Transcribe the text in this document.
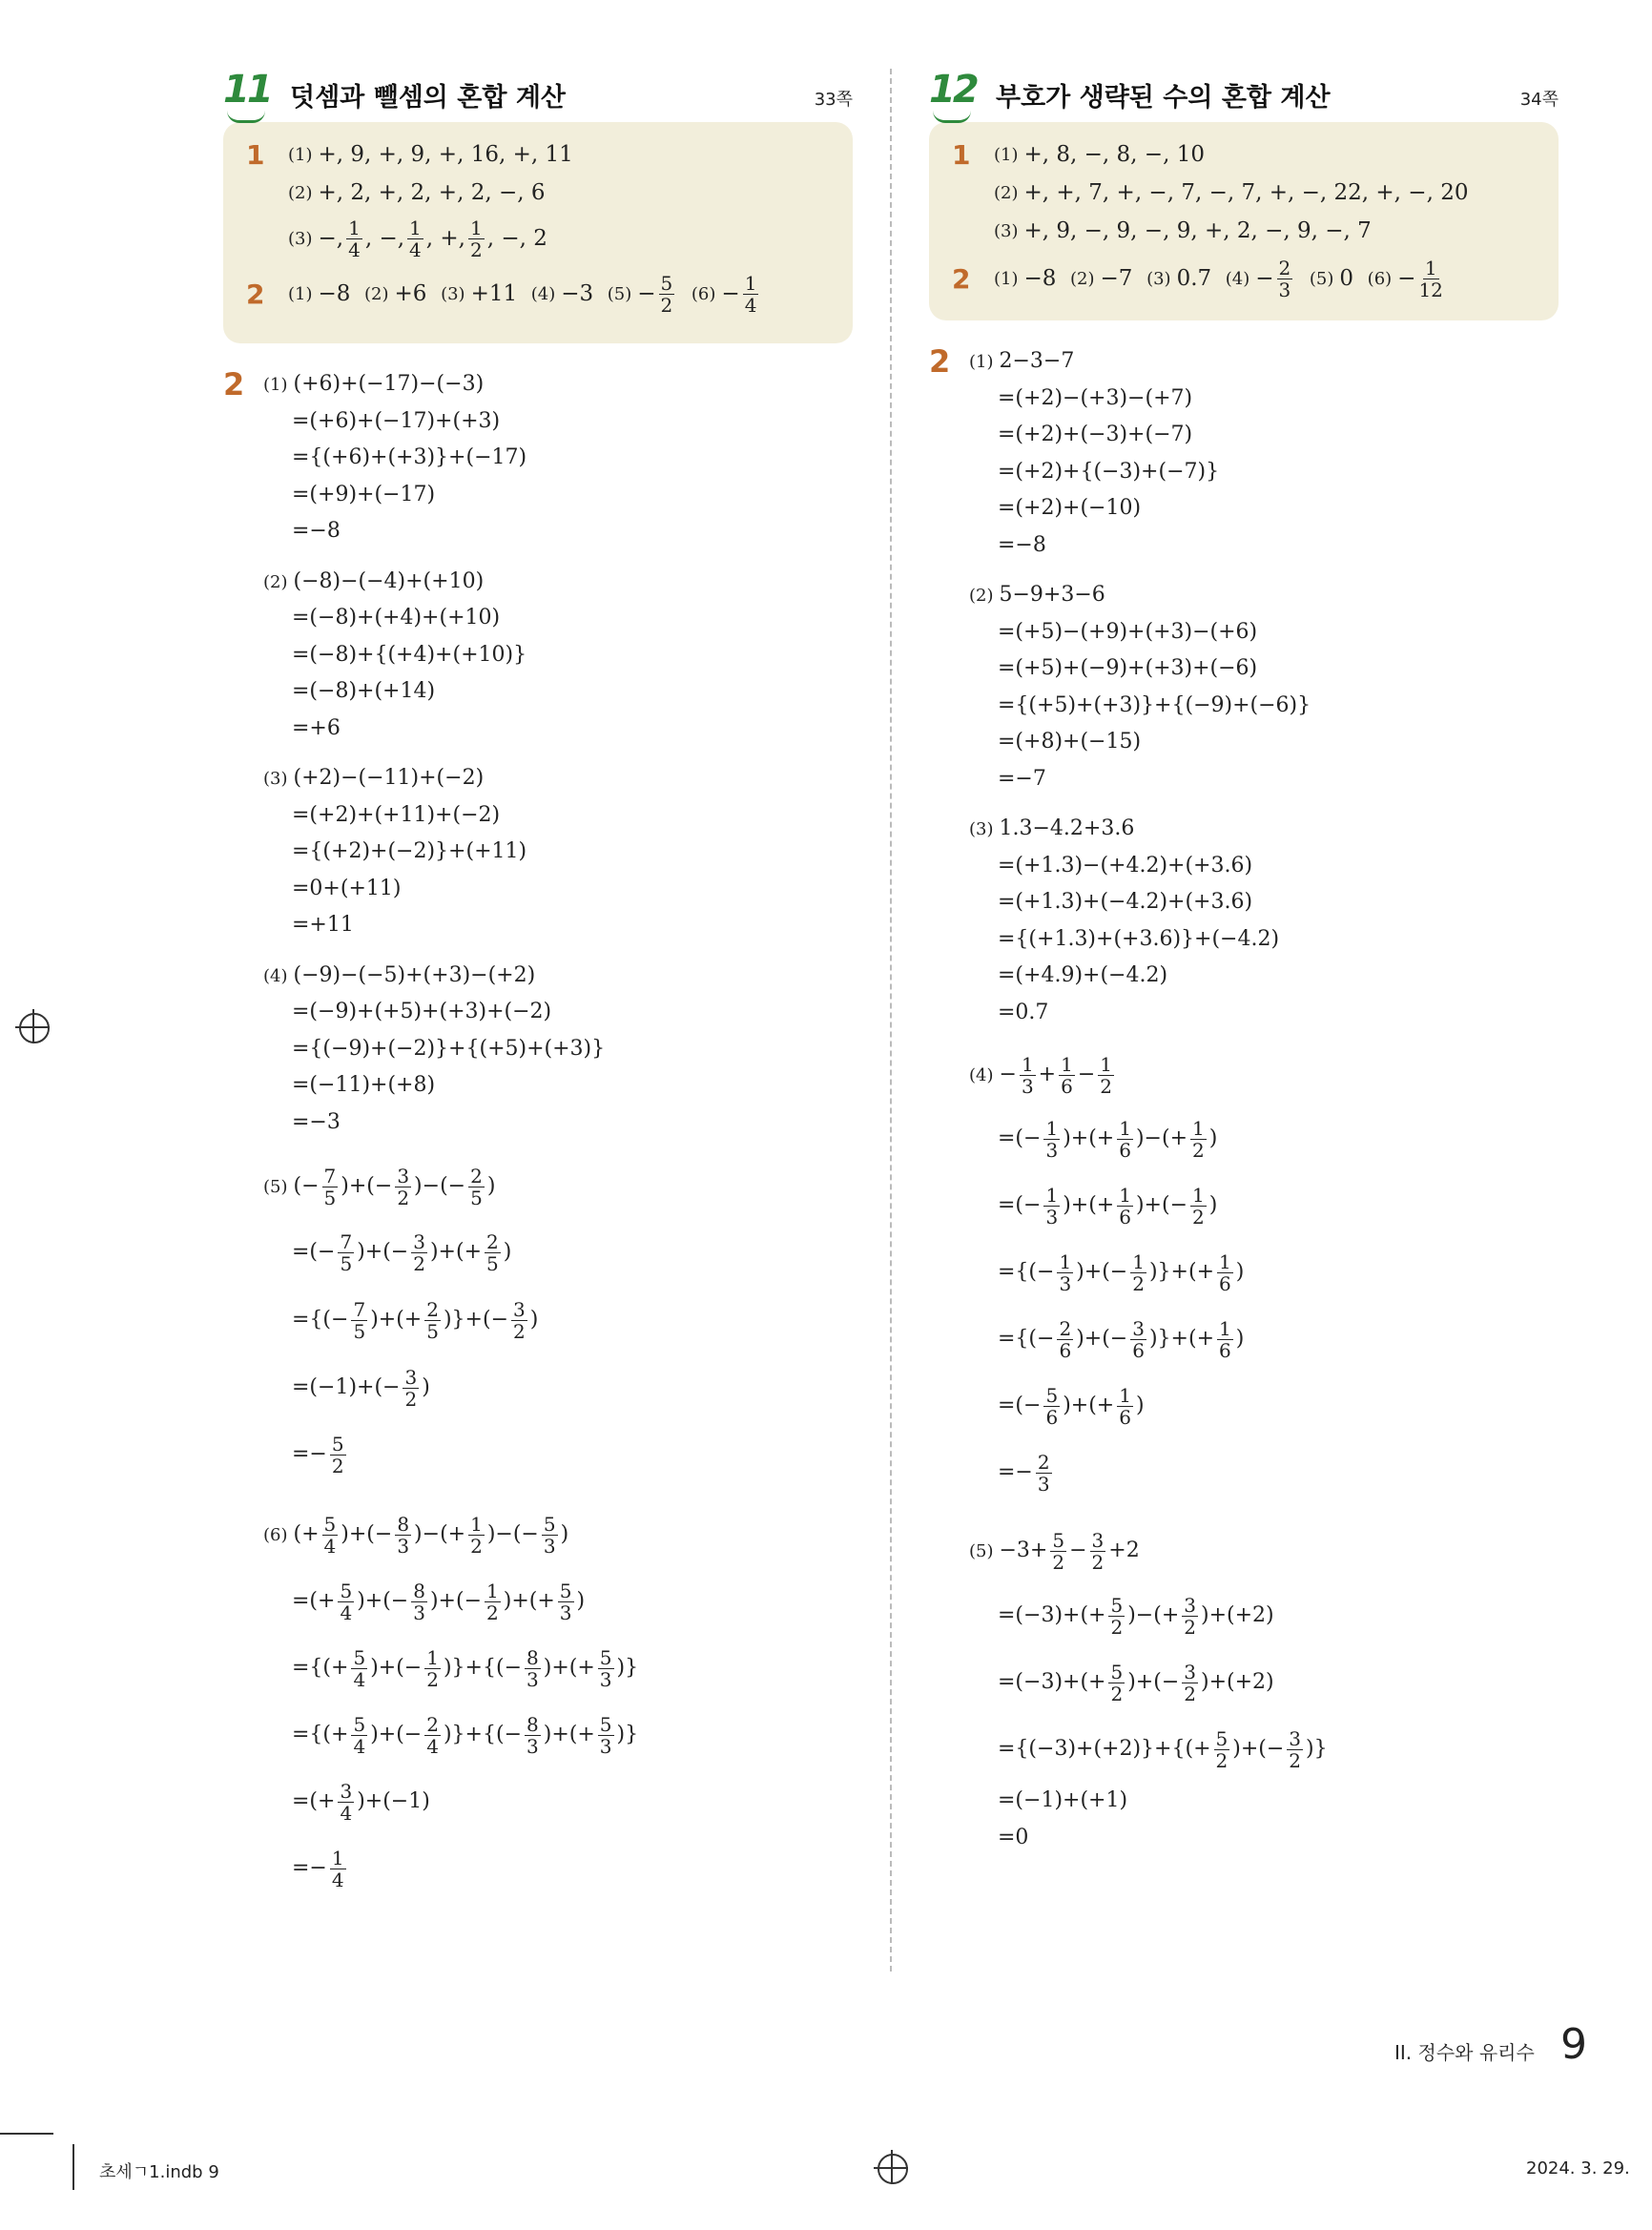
11 덧셈과 뺄셈의 혼합 계산	33쪽
1	(1) +, 9, +, 9, +, 16, +, 11
(2) +, 2, +, 2, +, 2, −, 6
(3) −, $\frac{1}{4}$ , −, $\frac{1}{4}$ , +, $\frac{1}{2}$ , −, 2
2	(1) −8
(2) +6
(3) +11
(4) −3
$(5) - \frac{5}{2}$
$(6) - \frac{1}{4}$
2 (1) (+6)+(−17)−(−3)
=(+6)+(−17)+(+3)
={(+6)+(+3)}+(−17)
=(+9)+(−17)
=−8
(2) (−8)−(−4)+(+10)
=(−8)+(+4)+(+10)
=(−8)+{(+4)+(+10)}
=(−8)+(+14)
=+6
(3) (+2)−(−11)+(−2)
=(+2)+(+11)+(−2)
={(+2)+(−2)}+(+11)
=0+(+11)
=+11
(4) (−9)−(−5)+(+3)−(+2)
=(−9)+(+5)+(+3)+(−2)
={(−9)+(−2)}+{(+5)+(+3)}
=(−11)+(+8)
=−3
(5) (− $\frac{7}{5}$ )+(− $\frac{3}{2}$ )−(− $\frac{2}{5}$ )
=(− $\frac{7}{5}$ )+(− $\frac{3}{2}$ )+(+ $\frac{2}{5}$ )
={(− $\frac{7}{5}$ )+(+ $\frac{2}{5}$ )}+(− $\frac{3}{2}$ )
$=(-1)+(- \frac{3}{2}$ )
=− $\frac{5}{2}$
(6) (+ $\frac{5}{4}$ )+(− $\frac{8}{3}$ )−(+ $\frac{1}{2}$ )−(− $\frac{5}{3}$ )
=(+ $\frac{5}{4}$ )+(− $\frac{8}{3}$ )+(− $\frac{1}{2}$ )+(+ $\frac{5}{3}$ )
={(+ $\frac{5}{4}$ )+(− $\frac{1}{2}$ )}+{(− $\frac{8}{3}$ )+(+ $\frac{5}{3}$ )}
={(+ $\frac{5}{4}$ )+(− $\frac{2}{4}$ )}+{(− $\frac{8}{3}$ )+(+ $\frac{5}{3}$ )}
=(+ $\frac{3}{4} )+(-1)$
=− $\frac{1}{4}$
12 부호가 생략된 수의 혼합 계산	34쪽
1	(1) +, 8, −, 8, −, 10
(2) +, +, 7, +, −, 7, −, 7, +, −, 22, +, −, 20
(3) +, 9, −, 9, −, 9, +, 2, −, 9, −, 7
2	(1) −8
(2) −7
(3) 0.7
$(4) - \frac{2}{3}$
(5) 0
$(6) - \frac{1}{12}$
2 (1) 2−3−7
=(+2)−(+3)−(+7)
=(+2)+(−3)+(−7)
=(+2)+{(−3)+(−7)}
=(+2)+(−10)
=−8
(2) 5−9+3−6
=(+5)−(+9)+(+3)−(+6)
=(+5)+(−9)+(+3)+(−6)
={(+5)+(+3)}+{(−9)+(−6)}
=(+8)+(−15)
=−7
(3) 1.3−4.2+3.6
=(+1.3)−(+4.2)+(+3.6)
=(+1.3)+(−4.2)+(+3.6)
={(+1.3)+(+3.6)}+(−4.2)
=(+4.9)+(−4.2)
=0.7
$(4) - \frac{1}{3} + \frac{1}{6} - \frac{1}{2}$
=(− $\frac{1}{3}$ )+(+ $\frac{1}{6}$ )−(+ $\frac{1}{2}$ )
=(− $\frac{1}{3}$ )+(+ $\frac{1}{6}$ )+(− $\frac{1}{2}$ )
={(− $\frac{1}{3}$ )+(− $\frac{1}{2}$ )}+(+ $\frac{1}{6}$ )
={(− $\frac{2}{6}$ )+(− $\frac{3}{6}$ )}+(+ $\frac{1}{6}$ )
=(− $\frac{5}{6}$ )+(+ $\frac{1}{6}$ )
=− $\frac{2}{3}$
$(5) -3+ \frac{5}{2} - \frac{3}{2} +2$
$=(-3)+(+ \frac{5}{2}$ )−(+ $\frac{3}{2} )+(+2)$
$=(-3)+(+ \frac{5}{2}$ )+(− $\frac{3}{2} )+(+2)$
$=\{(-3)+(+2)\}+\{(+ \frac{5}{2}$ )+(− $\frac{3}{2}$ )}
=(−1)+(+1)
=0
II. 정수와 유리수 9
초세ㄱ1.indb 9	2024. 3. 29.
